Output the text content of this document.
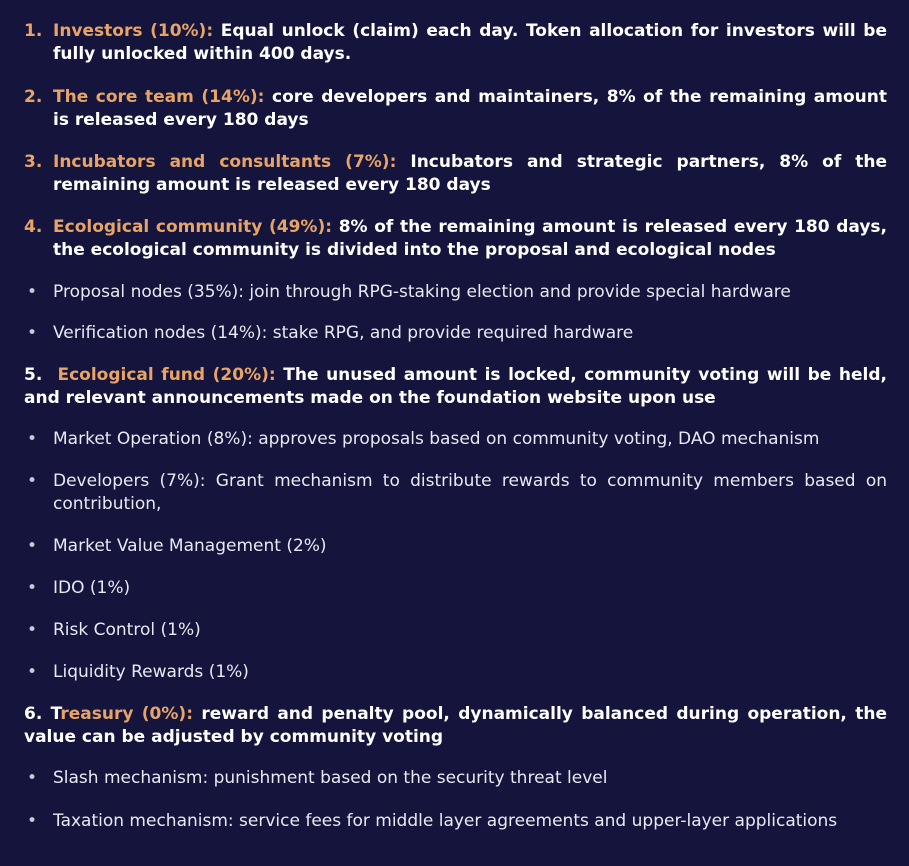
1. Investors (10%): Equal unlock (claim) each day. Token allocation for investors will be fully unlocked within 400 days.
2. The core team (14%): core developers and maintainers, 8% of the remaining amount is released every 180 days
3. Incubators and consultants (7%): Incubators and strategic partners, 8% of the remaining amount is released every 180 days
4. Ecological community (49%): 8% of the remaining amount is released every 180 days, the ecological community is divided into the proposal and ecological nodes
• Proposal nodes (35%): join through RPG-staking election and provide special hardware
• Verification nodes (14%): stake RPG, and provide required hardware
5. Ecological fund (20%): The unused amount is locked, community voting will be held, and relevant announcements made on the foundation website upon use
• Market Operation (8%): approves proposals based on community voting, DAO mechanism
• Developers (7%): Grant mechanism to distribute rewards to community members based on contribution,
• Market Value Management (2%)
• IDO (1%)
• Risk Control (1%)
• Liquidity Rewards (1%)
6. Treasury (0%): reward and penalty pool, dynamically balanced during operation, the value can be adjusted by community voting
• Slash mechanism: punishment based on the security threat level
• Taxation mechanism: service fees for middle layer agreements and upper-layer applications
